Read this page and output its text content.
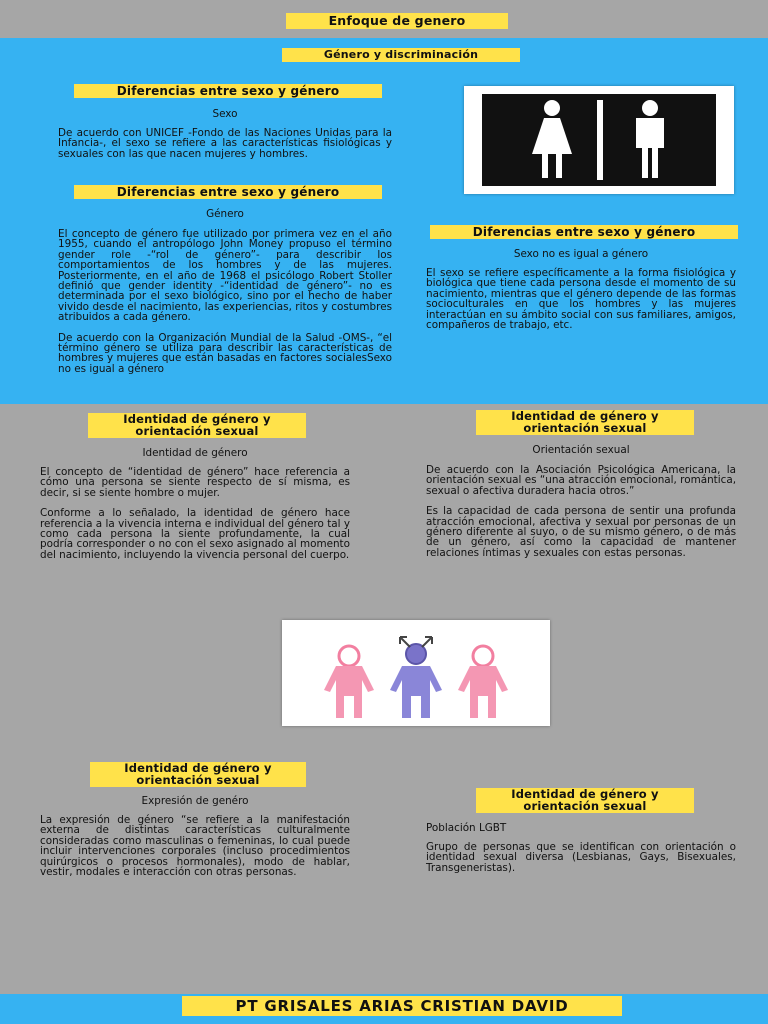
Enfoque de genero
Género y discriminación
Diferencias entre sexo y género
Sexo

De acuerdo con UNICEF -Fondo de las Naciones Unidas para la Infancia-, el sexo se refiere a las características fisiológicas y sexuales con las que nacen mujeres y hombres.

Diferencias entre sexo y género
Género

El concepto de género fue utilizado por primera vez en el año 1955, cuando el antropólogo John Money propuso el término gender role -“rol de género”- para describir los comportamientos de los hombres y de las mujeres. Posteriormente, en el año de 1968 el psicólogo Robert Stoller definió que gender identity -“identidad de género”- no es determinada por el sexo biológico, sino por el hecho de haber vivido desde el nacimiento, las experiencias, ritos y costumbres atribuidos a cada género.

De acuerdo con la Organización Mundial de la Salud -OMS-, “el término género se utiliza para describir las características de hombres y mujeres que están basadas en factores socialesSexo no es igual a género

Diferencias entre sexo y género
Sexo no es igual a género

El sexo se refiere específicamente a la forma fisiológica y biológica que tiene cada persona desde el momento de su nacimiento, mientras que el género depende de las formas socioculturales en que los hombres y las mujeres interactúan en su ámbito social con sus familiares, amigos, compañeros de trabajo, etc.

Identidad de género y orientación sexual
Identidad de género

El concepto de “identidad de género” hace referencia a cómo una persona se siente respecto de sí misma, es decir, si se siente hombre o mujer.

Conforme a lo señalado, la identidad de género hace referencia a la vivencia interna e individual del género tal y como cada persona la siente profundamente, la cual podría corresponder o no con el sexo asignado al momento del nacimiento, incluyendo la vivencia personal del cuerpo.

Identidad de género y orientación sexual
Orientación sexual

De acuerdo con la Asociación Psicológica Americana, la orientación sexual es “una atracción emocional, romántica, sexual o afectiva duradera hacia otros.”

Es la capacidad de cada persona de sentir una profunda atracción emocional, afectiva y sexual por personas de un género diferente al suyo, o de su mismo género, o de más de un género, así como la capacidad de mantener relaciones íntimas y sexuales con estas personas.

Identidad de género y orientación sexual
Expresión de genéro

La expresión de género “se refiere a la manifestación externa de distintas características culturalmente consideradas como masculinas o femeninas, lo cual puede incluir intervenciones corporales (incluso procedimientos quirúrgicos o procesos hormonales), modo de hablar, vestir, modales e interacción con otras personas.

Identidad de género y orientación sexual
Población LGBT

Grupo de personas que se identifican con orientación o identidad sexual diversa (Lesbianas, Gays, Bisexuales, Transgeneristas).

PT GRISALES ARIAS CRISTIAN DAVID
